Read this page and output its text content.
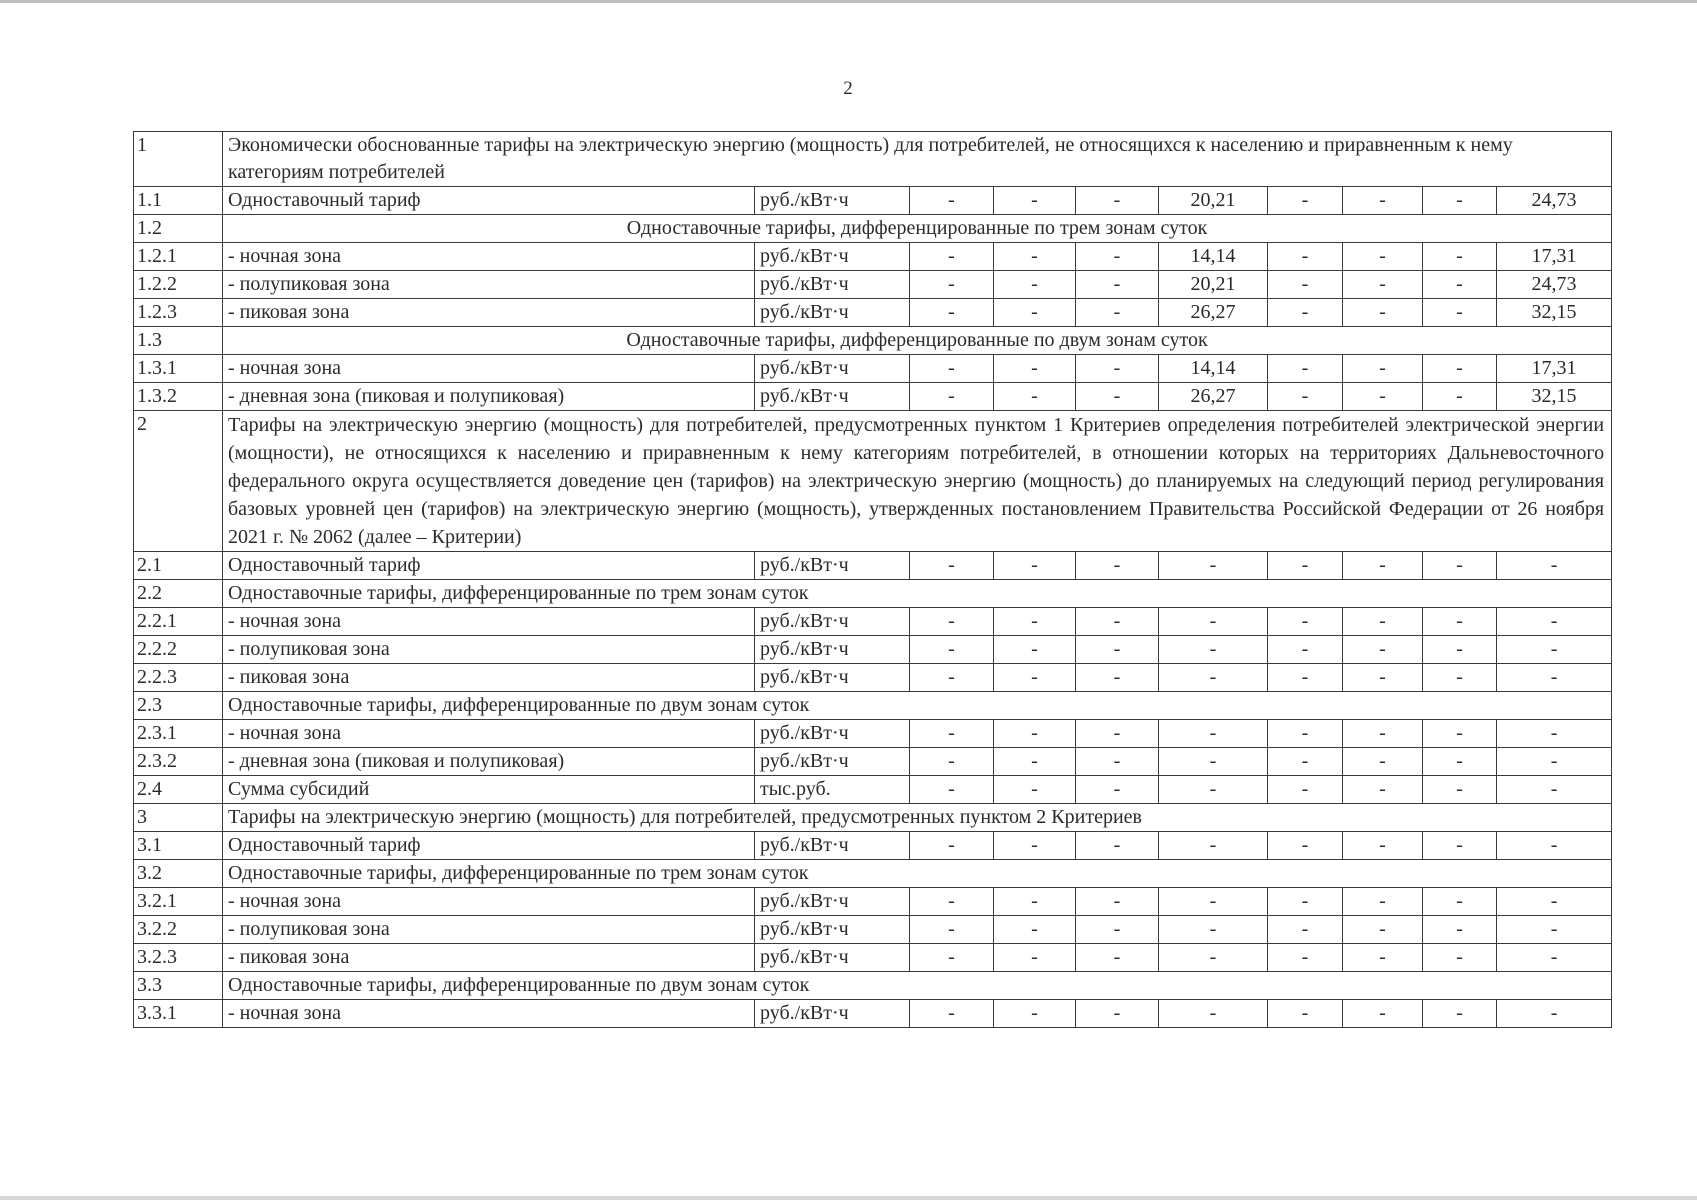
2
1	Экономически обоснованные тарифы на электрическую энергию (мощность) для потребителей, не относящихся к населению и приравненным к нему категориям потребителей									
1.1	Одноставочный тариф	руб./кВт·ч	-	-	-	20,21	-	-	-	24,73
1.2	Одноставочные тарифы, дифференцированные по трем зонам суток									
1.2.1	- ночная зона	руб./кВт·ч	-	-	-	14,14	-	-	-	17,31
1.2.2	- полупиковая зона	руб./кВт·ч	-	-	-	20,21	-	-	-	24,73
1.2.3	- пиковая зона	руб./кВт·ч	-	-	-	26,27	-	-	-	32,15
1.3	Одноставочные тарифы, дифференцированные по двум зонам суток									
1.3.1	- ночная зона	руб./кВт·ч	-	-	-	14,14	-	-	-	17,31
1.3.2	- дневная зона (пиковая и полупиковая)	руб./кВт·ч	-	-	-	26,27	-	-	-	32,15
2	Тарифы на электрическую энергию (мощность) для потребителей, предусмотренных пунктом 1 Критериев определения потребителей электрической энергии (мощности), не относящихся к населению и приравненным к нему категориям потребителей, в отношении которых на территориях Дальневосточного федерального округа осуществляется доведение цен (тарифов) на электрическую энергию (мощность) до планируемых на следующий период регулирования базовых уровней цен (тарифов) на электрическую энергию (мощность), утвержденных постановлением Правительства Российской Федерации от 26 ноября 2021 г. № 2062 (далее – Критерии)									
2.1	Одноставочный тариф	руб./кВт·ч	-	-	-	-	-	-	-	-
2.2	Одноставочные тарифы, дифференцированные по трем зонам суток									
2.2.1	- ночная зона	руб./кВт·ч	-	-	-	-	-	-	-	-
2.2.2	- полупиковая зона	руб./кВт·ч	-	-	-	-	-	-	-	-
2.2.3	- пиковая зона	руб./кВт·ч	-	-	-	-	-	-	-	-
2.3	Одноставочные тарифы, дифференцированные по двум зонам суток									
2.3.1	- ночная зона	руб./кВт·ч	-	-	-	-	-	-	-	-
2.3.2	- дневная зона (пиковая и полупиковая)	руб./кВт·ч	-	-	-	-	-	-	-	-
2.4	Сумма субсидий	тыс.руб.	-	-	-	-	-	-	-	-
3	Тарифы на электрическую энергию (мощность) для потребителей, предусмотренных пунктом 2 Критериев									
3.1	Одноставочный тариф	руб./кВт·ч	-	-	-	-	-	-	-	-
3.2	Одноставочные тарифы, дифференцированные по трем зонам суток									
3.2.1	- ночная зона	руб./кВт·ч	-	-	-	-	-	-	-	-
3.2.2	- полупиковая зона	руб./кВт·ч	-	-	-	-	-	-	-	-
3.2.3	- пиковая зона	руб./кВт·ч	-	-	-	-	-	-	-	-
3.3	Одноставочные тарифы, дифференцированные по двум зонам суток									
3.3.1	- ночная зона	руб./кВт·ч	-	-	-	-	-	-	-	-
